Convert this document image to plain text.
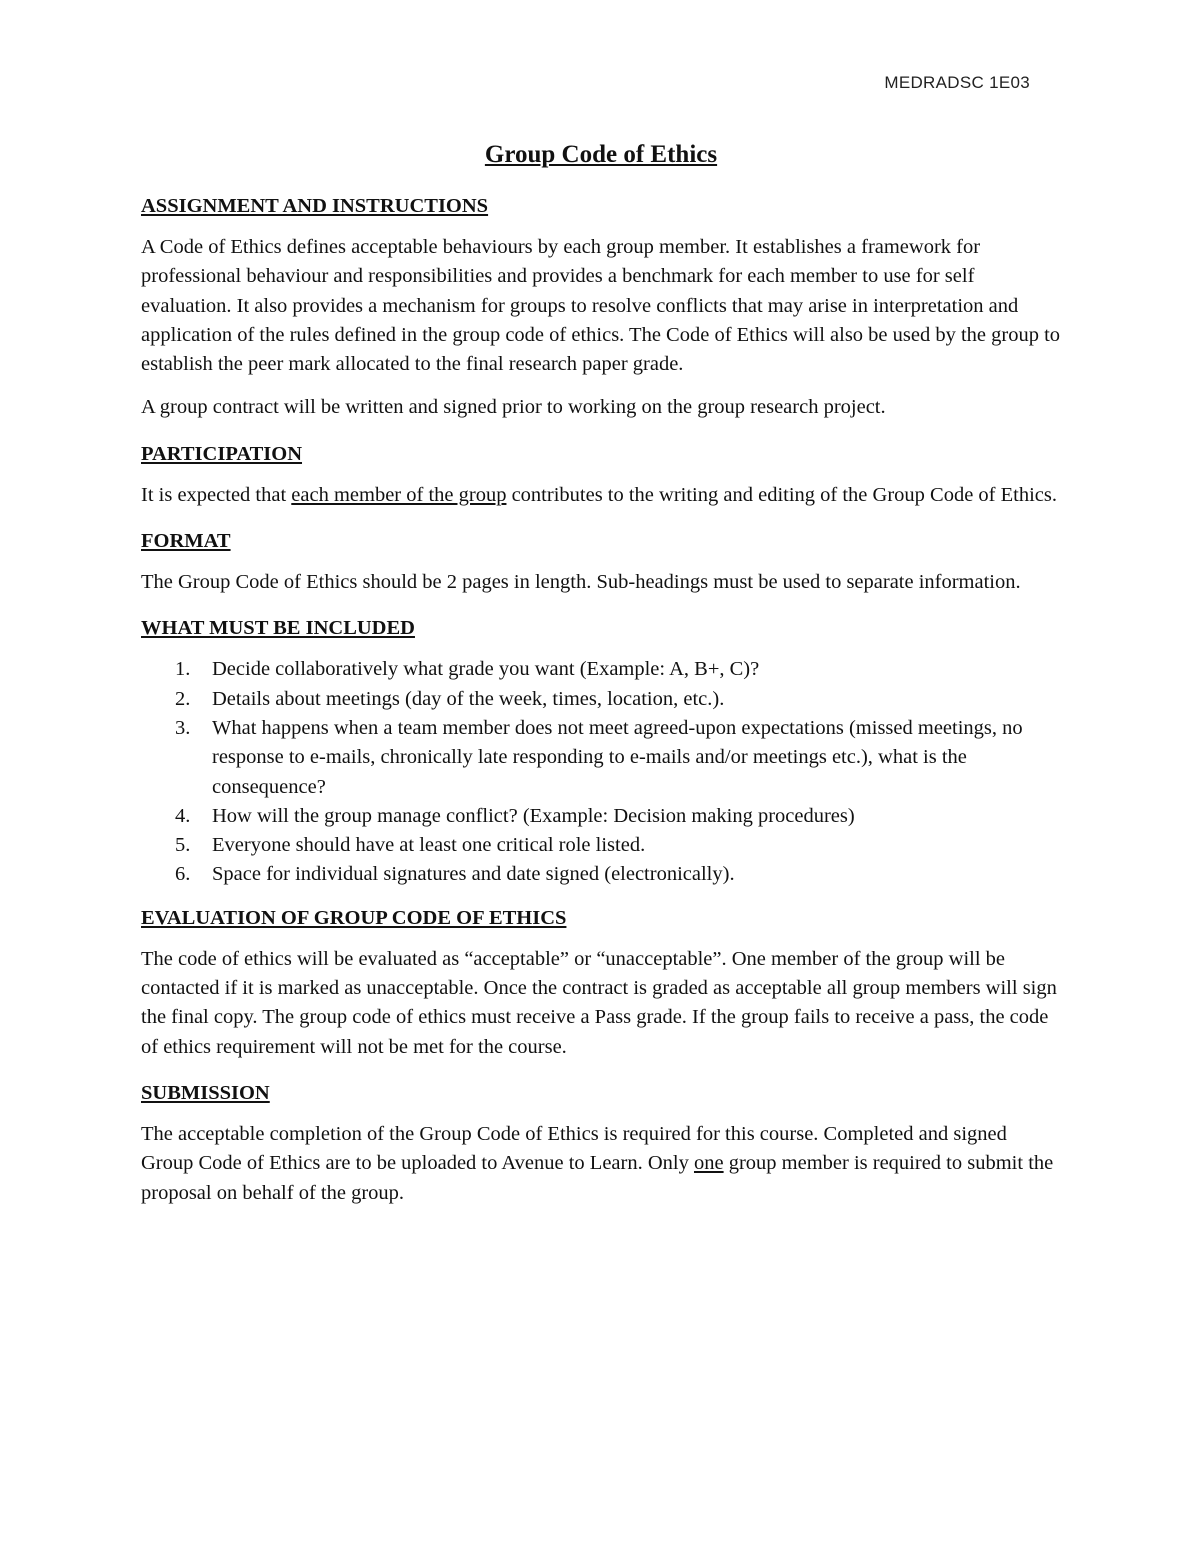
MEDRADSC 1E03
Group Code of Ethics
ASSIGNMENT AND INSTRUCTIONS

A Code of Ethics defines acceptable behaviours by each group member. It establishes a framework for professional behaviour and responsibilities and provides a benchmark for each member to use for self evaluation. It also provides a mechanism for groups to resolve conflicts that may arise in interpretation and application of the rules defined in the group code of ethics. The Code of Ethics will also be used by the group to establish the peer mark allocated to the final research paper grade.

A group contract will be written and signed prior to working on the group research project.

PARTICIPATION

It is expected that each member of the group contributes to the writing and editing of the Group Code of Ethics.

FORMAT

The Group Code of Ethics should be 2 pages in length. Sub-headings must be used to separate information.

WHAT MUST BE INCLUDED
1. Decide collaboratively what grade you want (Example: A, B+, C)?
2. Details about meetings (day of the week, times, location, etc.).
3. What happens when a team member does not meet agreed-upon expectations (missed meetings, no response to e-mails, chronically late responding to e-mails and/or meetings etc.), what is the consequence?
4. How will the group manage conflict? (Example: Decision making procedures)
5. Everyone should have at least one critical role listed.
6. Space for individual signatures and date signed (electronically).
EVALUATION OF GROUP CODE OF ETHICS

The code of ethics will be evaluated as “acceptable” or “unacceptable”. One member of the group will be contacted if it is marked as unacceptable. Once the contract is graded as acceptable all group members will sign the final copy. The group code of ethics must receive a Pass grade. If the group fails to receive a pass, the code of ethics requirement will not be met for the course.

SUBMISSION

The acceptable completion of the Group Code of Ethics is required for this course. Completed and signed Group Code of Ethics are to be uploaded to Avenue to Learn. Only one group member is required to submit the proposal on behalf of the group.
